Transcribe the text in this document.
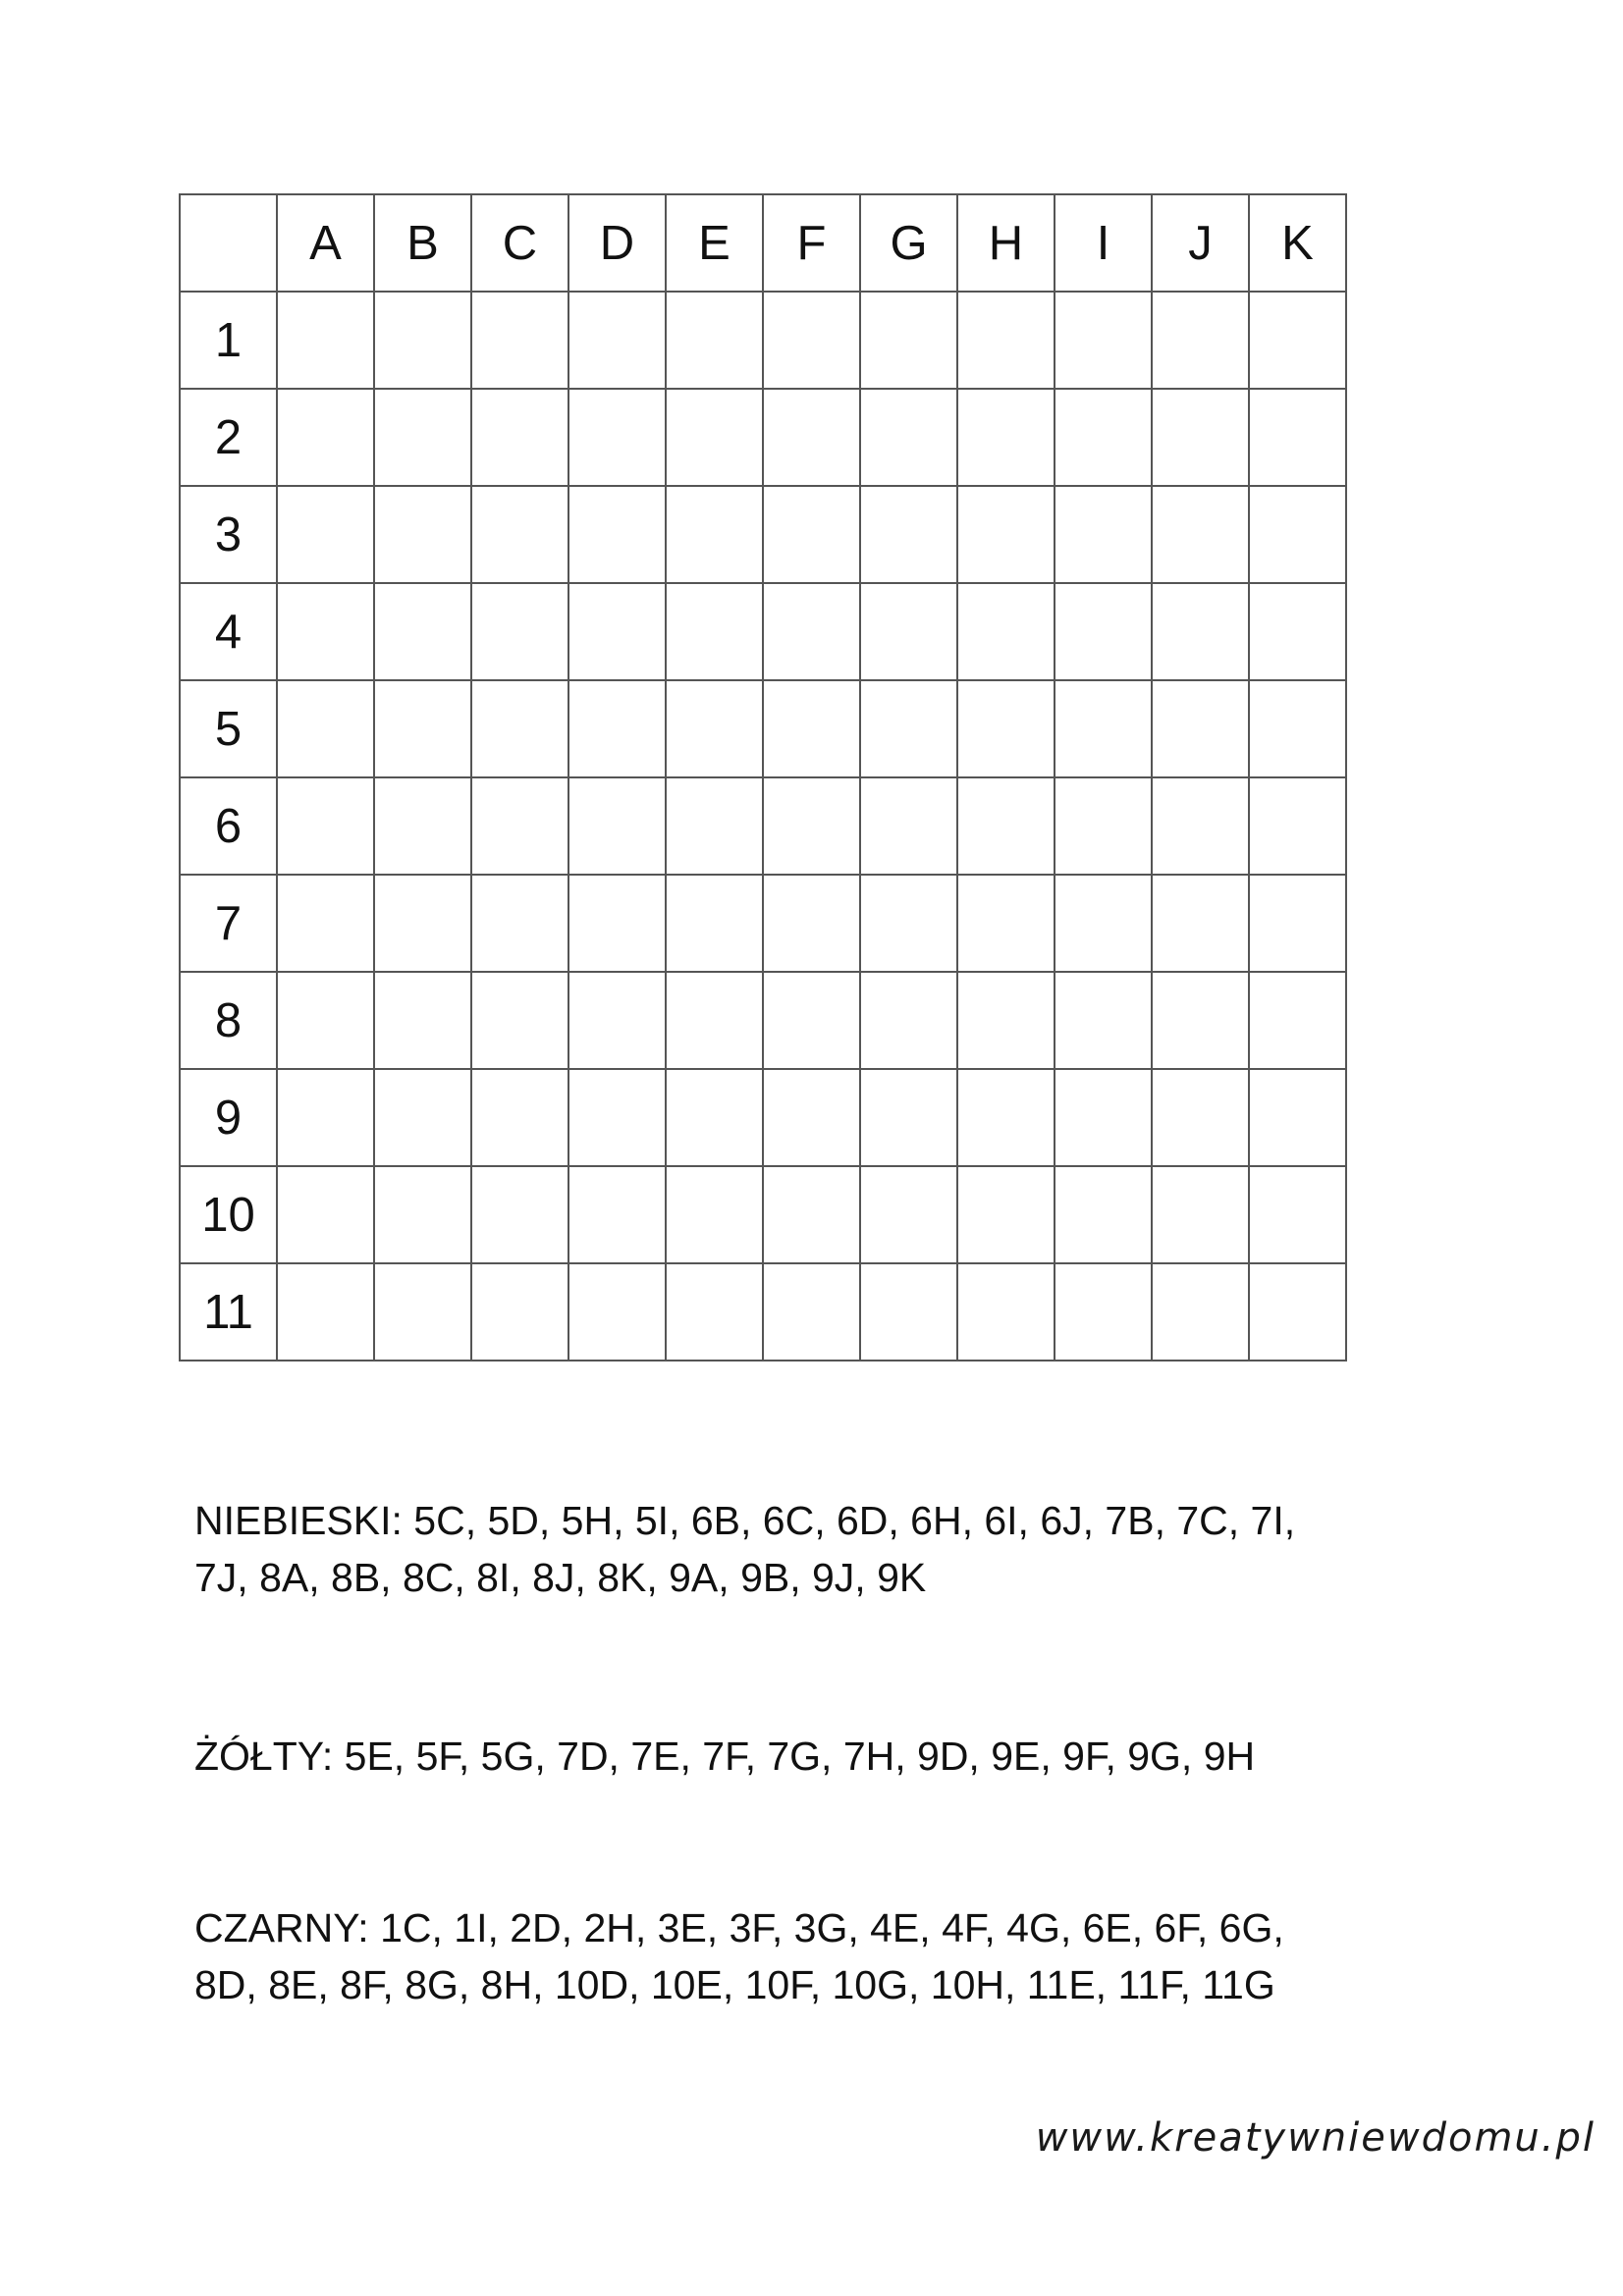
	A	B	C	D	E	F	G	H	I	J	K
1											
2											
3											
4											
5											
6											
7											
8											
9											
10											
11											
NIEBIESKI: 5C, 5D, 5H, 5I, 6B, 6C, 6D, 6H, 6I, 6J, 7B, 7C, 7I,
7J, 8A, 8B, 8C, 8I, 8J, 8K, 9A, 9B, 9J, 9K
ŻÓŁTY: 5E, 5F, 5G, 7D, 7E, 7F, 7G, 7H, 9D, 9E, 9F, 9G, 9H
CZARNY: 1C, 1I, 2D, 2H, 3E, 3F, 3G, 4E, 4F, 4G, 6E, 6F, 6G,
8D, 8E, 8F, 8G, 8H, 10D, 10E, 10F, 10G, 10H, 11E, 11F, 11G
www.kreatywniewdomu.pl
